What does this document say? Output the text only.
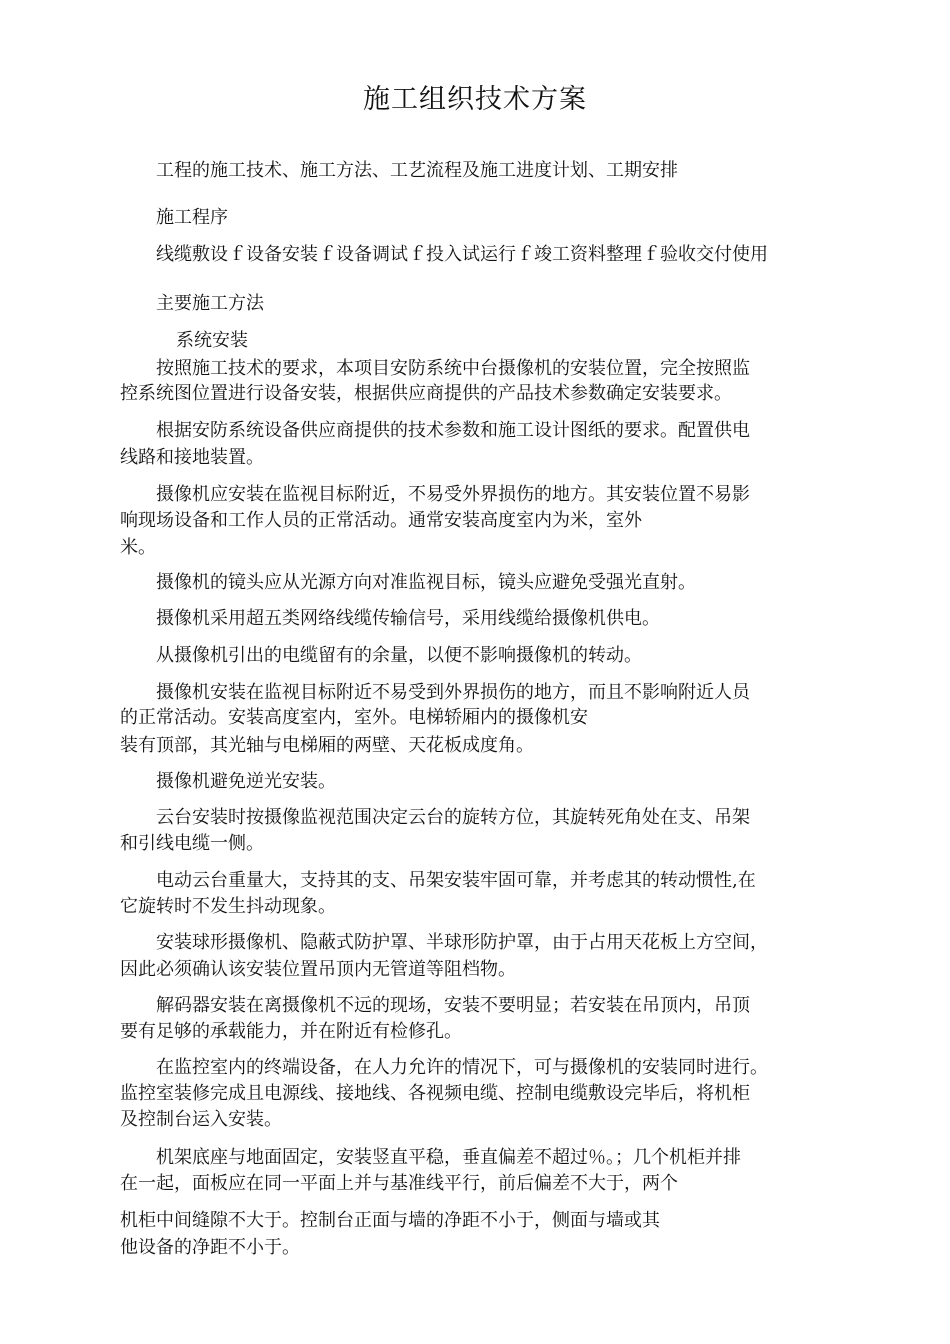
施工组织技术方案
工程的施工技术、施工方法、工艺流程及施工进度计划、工期安排
施工程序
线缆敷设ｆ设备安装ｆ设备调试ｆ投入试运行ｆ竣工资料整理ｆ验收交付使用
主要施工方法
系统安装
按照施工技术的要求，本项目安防系统中台摄像机的安装位置，完全按照监
控系统图位置进行设备安装，根据供应商提供的产品技术参数确定安装要求。
根据安防系统设备供应商提供的技术参数和施工设计图纸的要求。配置供电
线路和接地装置。
摄像机应安装在监视目标附近，不易受外界损伤的地方。其安装位置不易影
响现场设备和工作人员的正常活动。通常安装高度室内为米，室外
米。
摄像机的镜头应从光源方向对准监视目标，镜头应避免受强光直射。
摄像机采用超五类网络线缆传输信号，采用线缆给摄像机供电。
从摄像机引出的电缆留有的余量，以便不影响摄像机的转动。
摄像机安装在监视目标附近不易受到外界损伤的地方，而且不影响附近人员
的正常活动。安装高度室内，室外。电梯轿厢内的摄像机安
装有顶部，其光轴与电梯厢的两壁、天花板成度角。
摄像机避免逆光安装。
云台安装时按摄像监视范围决定云台的旋转方位，其旋转死角处在支、吊架
和引线电缆一侧。
电动云台重量大，支持其的支、吊架安装牢固可靠，并考虑其的转动惯性,在
它旋转时不发生抖动现象。
安装球形摄像机、隐蔽式防护罩、半球形防护罩，由于占用天花板上方空间，
因此必须确认该安装位置吊顶内无管道等阻档物。
解码器安装在离摄像机不远的现场，安装不要明显；若安装在吊顶内，吊顶
要有足够的承载能力，并在附近有检修孔。
在监控室内的终端设备，在人力允许的情况下，可与摄像机的安装同时进行。
监控室装修完成且电源线、接地线、各视频电缆、控制电缆敷设完毕后，将机柜
及控制台运入安装。
机架底座与地面固定，安装竖直平稳，垂直偏差不超过％。；几个机柜并排
在一起，面板应在同一平面上并与基准线平行，前后偏差不大于，两个
机柜中间缝隙不大于。控制台正面与墙的净距不小于，侧面与墙或其
他设备的净距不小于。
